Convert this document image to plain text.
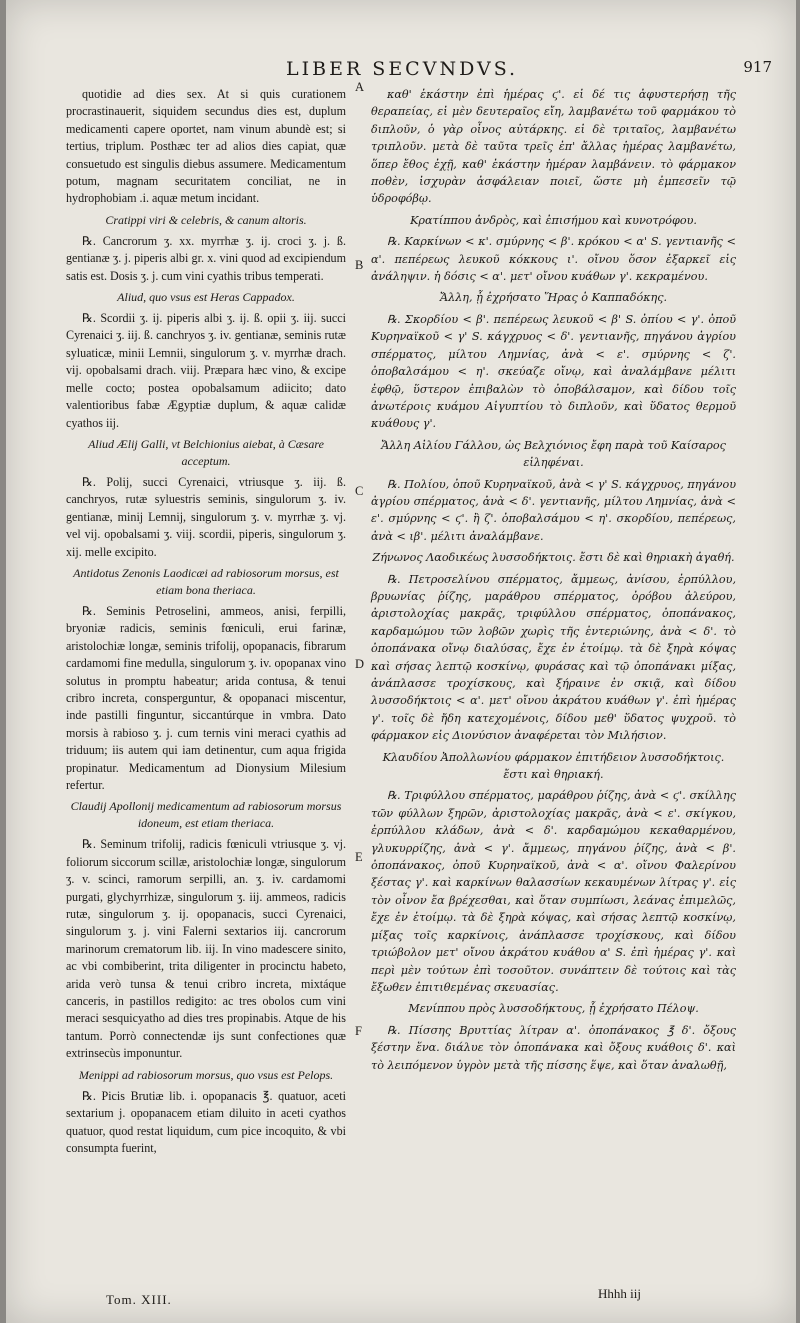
LIBER SECVNDVS.	917

quotidie ad dies sex. At si quis curationem procrastinauerit, siquidem secundus dies est, duplum medicamenti capere oportet, nam vinum abundè est; si tertius, triplum. Posthæc ter ad alios dies capiat, quæ consuetudo est singulis diebus assumere. Medicamentum potum, magnam securitatem conciliat, ne in hydrophobiam .i. aquæ metum incidant.

Cratippi viri & celebris, & canum altoris.

℞. Cancrorum ʒ. xx. myrrhæ ʒ. ij. croci ʒ. j. ß. gentianæ ʒ. j. piperis albi gr. x. vini quod ad excipiendum satis est. Dosis ʒ. j. cum vini cyathis tribus temperati.

Aliud, quo vsus est Heras Cappadox.

℞. Scordii ʒ. ij. piperis albi ʒ. ij. ß. opii ʒ. iij. succi Cyrenaici ʒ. iij. ß. canchryos ʒ. iv. gentianæ, seminis rutæ syluaticæ, minii Lemnii, singulorum ʒ. v. myrrhæ drach. vij. opobalsami drach. viij. Præpara hæc vino, & excipe melle cocto; postea opobalsamum adiicito; dato valentioribus fabæ Ægyptiæ duplum, & aquæ calidæ cyathos iij.

Aliud Ælij Galli, vt Belchionius aiebat, à Cæsare acceptum.

℞. Polij, succi Cyrenaici, vtriusque ʒ. iij. ß. canchryos, rutæ syluestris seminis, singulorum ʒ. iv. gentianæ, minij Lemnij, singulorum ʒ. v. myrrhæ ʒ. vj. vel vij. opobalsami ʒ. viij. scordii, piperis, singulorum ʒ. xij. melle excipito.

Antidotus Zenonis Laodicæi ad rabiosorum morsus, est etiam bona theriaca.

℞. Seminis Petroselini, ammeos, anisi, ferpilli, bryoniæ radicis, seminis fœniculi, erui farinæ, aristolochiæ longæ, seminis trifolij, opopanacis, fibrarum cardamomi fine medulla, singulorum ʒ. iv. opopanax vino solutus in promptu habeatur; arida contusa, & tenui cribro increta, consperguntur, & opopanaci miscentur, inde pastilli finguntur, siccantúrque in vmbra. Dato morsis à rabioso ʒ. j. cum ternis vini meraci cyathis ad triduum; iis autem qui iam detinentur, cum aqua frigida propinatur. Medicamentum ad Dionysium Milesium refertur.

Claudij Apollonij medicamentum ad rabiosorum morsus idoneum, est etiam theriaca.

℞. Seminum trifolij, radicis fœniculi vtriusque ʒ. vj. foliorum siccorum scillæ, aristolochiæ longæ, singulorum ʒ. v. scinci, ramorum serpilli, an. ʒ. iv. cardamomi purgati, glychyrrhizæ, singulorum ʒ. iij. ammeos, radicis rutæ, singulorum ʒ. ij. opopanacis, succi Cyrenaici, singulorum ʒ. j. vini Falerni sextarios iij. cancrorum marinorum crematorum lib. iij. In vino madescere sinito, ac vbi combiberint, trita diligenter in procinctu habeto, arida verò tunsa & tenui cribro increta, mixtáque canceris, in pastillos redigito: ac tres obolos cum vini meraci sesquicyatho ad dies tres propinabis. Atque de his tantum. Porrò connectendæ ijs sunt confectiones quæ extrinsecùs imponuntur.

Menippi ad rabiosorum morsus, quo vsus est Pelops.

℞. Picis Brutiæ lib. i. opopanacis ℥. quatuor, aceti sextarium j. opopanacem etiam diluito in aceti cyathos quatuor, quod restat liquidum, cum pice incoquito, & vbi consumpta fuerint,

καθ' ἑκάστην ἐπὶ ἡμέρας ϛ'. εἰ δέ τις ἀφυστερήσῃ τῆς θεραπείας, εἰ μὲν δευτεραῖος εἴη, λαμβανέτω τοῦ φαρμάκου τὸ διπλοῦν, ὁ γὰρ οἶνος αὐτάρκης. εἰ δὲ τριταῖος, λαμβανέτω τριπλοῦν. μετὰ δὲ ταῦτα τρεῖς ἐπ' ἄλλας ἡμέρας λαμβανέτω, ὅπερ ἔθος ἐχῇ, καθ' ἑκάστην ἡμέραν λαμβάνειν. τὸ φάρμακον ποθὲν, ἰσχυρὰν ἀσφάλειαν ποιεῖ, ὥστε μὴ ἐμπεσεῖν τῷ ὑδροφόβῳ.

Κρατίππου ἀνδρὸς, καὶ ἐπισήμου καὶ κυνοτρόφου.

℞. Καρκίνων < κ'. σμύρνης < β'. κρόκου < α' S. γεντιανῆς < α'. πεπέρεως λευκοῦ κόκκους ι'. οἴνου ὅσον ἐξαρκεῖ εἰς ἀνάληψιν. ἡ δόσις < α'. μετ' οἴνου κυάθων γ'. κεκραμένου.

Ἄλλη, ᾗ ἐχρήσατο Ἥρας ὁ Καππαδόκης.

℞. Σκορδίου < β'. πεπέρεως λευκοῦ < β' S. ὀπίου < γ'. ὀποῦ Κυρηναϊκοῦ < γ' S. κάγχρυος < δ'. γεντιανῆς, πηγάνου ἀγρίου σπέρματος, μίλτου Λημνίας, ἀνὰ < ε'. σμύρνης < ζ'. ὀποβαλσάμου < η'. σκεύαζε οἴνῳ, καὶ ἀναλάμβανε μέλιτι ἑφθῷ, ὕστερον ἐπιβαλὼν τὸ ὀποβάλσαμον, καὶ δίδου τοῖς ἀνωτέροις κυάμου Αἰγυπτίου τὸ διπλοῦν, καὶ ὕδατος θερμοῦ κυάθους γ'.

Ἄλλη Αἰλίου Γάλλου, ὡς Βελχιόνιος ἔφη παρὰ τοῦ Καίσαρος εἰληφέναι.

℞. Πολίου, ὀποῦ Κυρηναϊκοῦ, ἀνὰ < γ' S. κάγχρυος, πηγάνου ἀγρίου σπέρματος, ἀνὰ < δ'. γεντιανῆς, μίλτου Λημνίας, ἀνὰ < ε'. σμύρνης < ϛ'. ἢ ζ'. ὀποβαλσάμου < η'. σκορδίου, πεπέρεως, ἀνὰ < ιβ'. μέλιτι ἀναλάμβανε.

Ζήνωνος Λαοδικέως λυσσοδήκτοις. ἔστι δὲ καὶ θηριακὴ ἀγαθή.

℞. Πετροσελίνου σπέρματος, ἄμμεως, ἀνίσου, ἑρπύλλου, βρυωνίας ῥίζης, μαράθρου σπέρματος, ὀρόβου ἀλεύρου, ἀριστολοχίας μακρᾶς, τριφύλλου σπέρματος, ὀποπάνακος, καρδαμώμου τῶν λοβῶν χωρὶς τῆς ἐντεριώνης, ἀνὰ < δ'. τὸ ὀποπάνακα οἴνῳ διαλύσας, ἔχε ἐν ἑτοίμῳ. τὰ δὲ ξηρὰ κόψας καὶ σήσας λεπτῷ κοσκίνῳ, φυράσας καὶ τῷ ὀποπάνακι μίξας, ἀνάπλασσε τροχίσκους, καὶ ξήραινε ἐν σκιᾷ, καὶ δίδου λυσσοδήκτοις < α'. μετ' οἴνου ἀκράτου κυάθων γ'. ἐπὶ ἡμέρας γ'. τοῖς δὲ ἤδη κατεχομένοις, δίδου μεθ' ὕδατος ψυχροῦ. τὸ φάρμακον εἰς Διονύσιον ἀναφέρεται τὸν Μιλήσιον.

Κλαυδίου Ἀπολλωνίου φάρμακον ἐπιτήδειον λυσσοδήκτοις. ἔστι καὶ θηριακή.

℞. Τριφύλλου σπέρματος, μαράθρου ῥίζης, ἀνὰ < ϛ'. σκίλλης τῶν φύλλων ξηρῶν, ἀριστολοχίας μακρᾶς, ἀνὰ < ε'. σκίγκου, ἑρπύλλου κλάδων, ἀνὰ < δ'. καρδαμώμου κεκαθαρμένου, γλυκυρρίζης, ἀνὰ < γ'. ἄμμεως, πηγάνου ῥίζης, ἀνὰ < β'. ὀποπάνακος, ὀποῦ Κυρηναϊκοῦ, ἀνὰ < α'. οἴνου Φαλερίνου ξέστας γ'. καὶ καρκίνων θαλασσίων κεκαυμένων λίτρας γ'. εἰς τὸν οἶνον ἔα βρέχεσθαι, καὶ ὅταν συμπίωσι, λεάνας ἐπιμελῶς, ἔχε ἐν ἑτοίμῳ. τὰ δὲ ξηρὰ κόψας, καὶ σήσας λεπτῷ κοσκίνῳ, μίξας τοῖς καρκίνοις, ἀνάπλασσε τροχίσκους, καὶ δίδου τριώβολον μετ' οἴνου ἀκράτου κυάθου α' S. ἐπὶ ἡμέρας γ'. καὶ περὶ μὲν τούτων ἐπὶ τοσοῦτον. συνάπτειν δὲ τούτοις καὶ τὰς ἔξωθεν ἐπιτιθεμένας σκευασίας.

Μενίππου πρὸς λυσσοδήκτους, ᾗ ἐχρήσατο Πέλοψ.

℞. Πίσσης Βρυττίας λίτραν α'. ὀποπάνακος ℥ δ'. ὄξους ξέστην ἕνα. διάλυε τὸν ὀποπάνακα καὶ ὄξους κυάθοις δ'. καὶ τὸ λειπόμενον ὑγρὸν μετὰ τῆς πίσσης ἕψε, καὶ ὅταν ἀναλωθῇ,

A
B
C
D
E
F
Tom. XIII.	Hhhh iij
